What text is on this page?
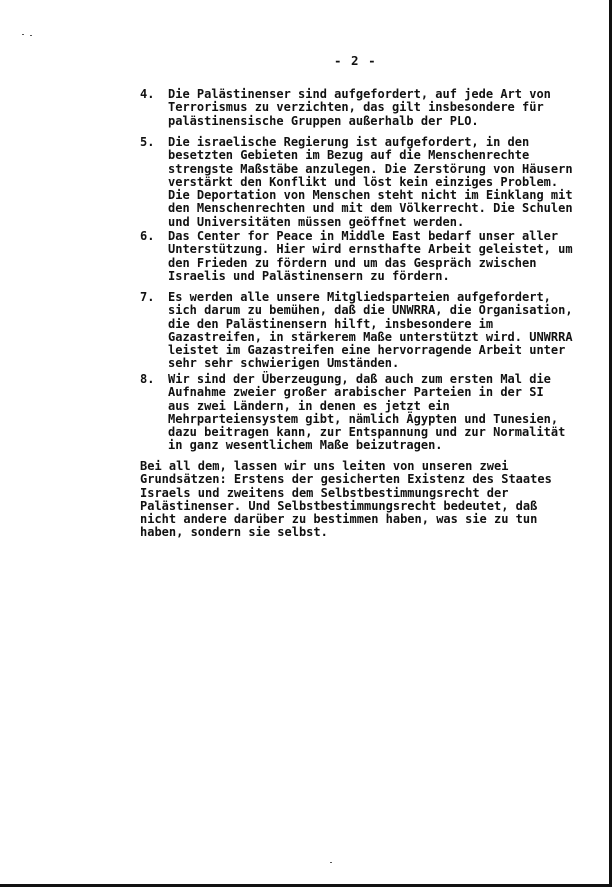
- 2 -
4. Die Palästinenser sind aufgefordert, auf jede Art von
Terrorismus zu verzichten, das gilt insbesondere für
palästinensische Gruppen außerhalb der PLO.
5. Die israelische Regierung ist aufgefordert, in den
besetzten Gebieten im Bezug auf die Menschenrechte
strengste Maßstäbe anzulegen. Die Zerstörung von Häusern
verstärkt den Konflikt und löst kein einziges Problem.
Die Deportation von Menschen steht nicht im Einklang mit
den Menschenrechten und mit dem Völkerrecht. Die Schulen
und Universitäten müssen geöffnet werden.
6. Das Center for Peace in Middle East bedarf unser aller
Unterstützung. Hier wird ernsthafte Arbeit geleistet, um
den Frieden zu fördern und um das Gespräch zwischen
Israelis und Palästinensern zu fördern.
7. Es werden alle unsere Mitgliedsparteien aufgefordert,
sich darum zu bemühen, daß die UNWRRA, die Organisation,
die den Palästinensern hilft, insbesondere im
Gazastreifen, in stärkerem Maße unterstützt wird. UNWRRA
leistet im Gazastreifen eine hervorragende Arbeit unter
sehr sehr schwierigen Umständen.
8. Wir sind der Überzeugung, daß auch zum ersten Mal die
Aufnahme zweier großer arabischer Parteien in der SI
aus zwei Ländern, in denen es jetzt ein
Mehrparteiensystem gibt, nämlich Ägypten und Tunesien,
dazu beitragen kann, zur Entspannung und zur Normalität
in ganz wesentlichem Maße beizutragen.
Bei all dem, lassen wir uns leiten von unseren zwei
Grundsätzen: Erstens der gesicherten Existenz des Staates
Israels und zweitens dem Selbstbestimmungsrecht der
Palästinenser. Und Selbstbestimmungsrecht bedeutet, daß
nicht andere darüber zu bestimmen haben, was sie zu tun
haben, sondern sie selbst.
